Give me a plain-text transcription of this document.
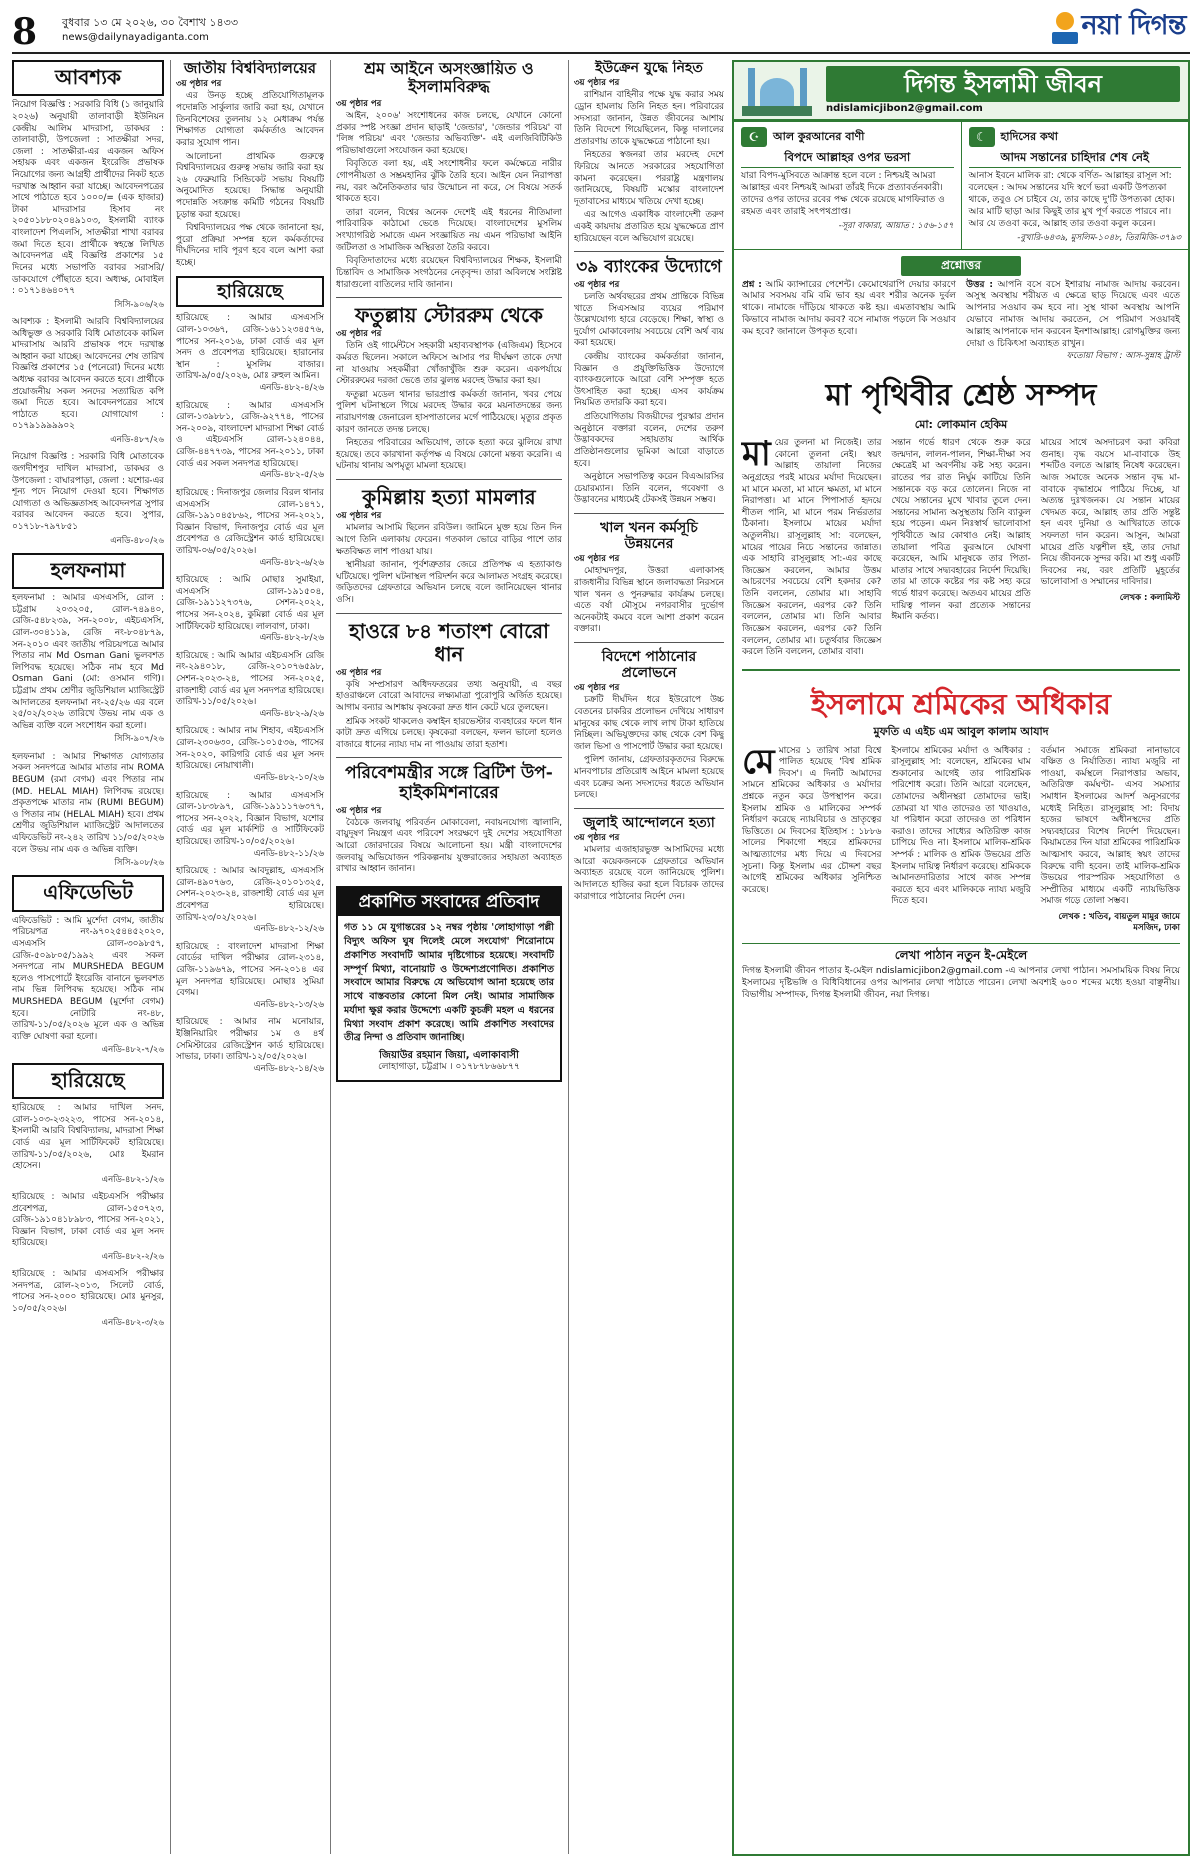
8	বুধবার ১৩ মে ২০২৬, ৩০ বৈশাখ ১৪৩৩
news@dailynayadiganta.com	নয়া দিগন্ত
আবশ্যক

নিয়োগ বিজ্ঞপ্তি : সরকারি বিধি (১ জানুয়ারি ২০২৬) অনুযায়ী তালাবাড়ী ইউনিয়ন কেন্দ্রীয় আলিম মাদরাসা, ডাকঘর : তালাবাড়ী, উপজেলা : সাতক্ষীরা সদর, জেলা : সাতক্ষীরা-এর একজন অফিস সহায়ক এবং একজন ইংরেজি প্রভাষক নিয়োগের জন্য আগ্রহী প্রার্থীদের নিকট হতে দরখাস্ত আহ্বান করা যাচ্ছে। আবেদনপত্রের সাথে পাঠাতে হবে ১০০০/= (এক হাজার) টাকা মাদরাসার হিসাব নং ২০৫০১৮৮০২০৪৯১০৩, ইসলামী ব্যাংক বাংলাদেশ পিএলসি, সাতক্ষীরা শাখা বরাবর জমা দিতে হবে। প্রার্থীকে স্বহস্তে লিখিত আবেদনপত্র এই বিজ্ঞপ্তি প্রকাশের ১৫ দিনের মধ্যে সভাপতি বরাবর সরাসরি/ডাকযোগে পৌঁছাতে হবে। অধ্যক্ষ, মোবাইল : ০১৭১৪৬৪০৭৭

সিসি-৯০৬/২৬

আবশ্যক : ইসলামী আরবি বিশ্ববিদ্যালয়ের অধিভুক্ত ও সরকারি বিধি মোতাবেক কামিল মাদরাসায় আরবি প্রভাষক পদে দরখাস্ত আহ্বান করা যাচ্ছে। আবেদনের শেষ তারিখ বিজ্ঞপ্তি প্রকাশের ১৫ (পনেরো) দিনের মধ্যে অধ্যক্ষ বরাবর আবেদন করতে হবে। প্রার্থীকে প্রয়োজনীয় সকল সনদের সত্যায়িত কপি জমা দিতে হবে। আবেদনপত্রের সাথে পাঠাতে হবে। যোগাযোগ : ০১৭৯১৯৯৯৯০২

এনডি-৪৮৭/২৬

নিয়োগ বিজ্ঞপ্তি : সরকারি বিধি মোতাবেক জগদীশপুর দাখিল মাদরাসা, ডাকঘর ও উপজেলা : বাঘারপাড়া, জেলা : যশোর-এর শূন্য পদে নিয়োগ দেওয়া হবে। শিক্ষাগত যোগ্যতা ও অভিজ্ঞতাসহ আবেদনপত্র সুপার বরাবর আবেদন করতে হবে। সুপার, ০১৭১৮-৭৯৭৮৫১

এনডি-৪৮০/২৬
হলফনামা

হলফনামা : আমার এসএসসি, রোল : চট্টগ্রাম ২০৩২০৫, রোল-৭৪৯৪০, রেজি-৫৪৮২৩৯, সন-২০০৮, এইচএসসি, রোল-৩০৪১১৯, রেজি নং-৮০৪৮৭৯, সন-২০১০ এবং জাতীয় পরিচয়পত্রে আমার পিতার নাম Md Osman Gani ভুলবশত লিপিবদ্ধ হয়েছে। সঠিক নাম হবে Md Osman Gani (মো: ওসমান গণি)। চট্টগ্রাম প্রথম শ্রেণীর জুডিশিয়াল ম্যাজিস্ট্রেট আদালতের হলফনামা নং-২৫/২৬ এর বলে ২৫/০২/২০২৬ তারিখে উভয় নাম এক ও অভিন্ন ব্যক্তি বলে সংশোধন করা হলো।

সিসি-৯০৭/২৬

হলফনামা : আমার শিক্ষাগত যোগ্যতার সকল সনদপত্রে আমার মাতার নাম ROMA BEGUM (রমা বেগম) এবং পিতার নাম (MD. HELAL MIAH) লিপিবদ্ধ রয়েছে। প্রকৃতপক্ষে মাতার নাম (RUMI BEGUM) ও পিতার নাম (HELAL MIAH) হবে। প্রথম শ্রেণীর জুডিশিয়াল ম্যাজিস্ট্রেট আদালতের এফিডেভিট নং-২৪২ তারিখ ১১/০৫/২০২৬ বলে উভয় নাম এক ও অভিন্ন ব্যক্তি।

সিসি-৯০৮/২৬
এফিডেভিট

এফিডেভিট : আমি মুর্শেদা বেগম, জাতীয় পরিচয়পত্র নং-৯৭০২৫৪৪৫২০২০, এসএসসি রোল-৩০৯৮৫৭, রেজি-৫০৯৮০৫/১৯৯২ এবং সকল সনদপত্রে নাম MURSHEDA BEGUM হলেও পাসপোর্টে ইংরেজি বানানে ভুলবশত নাম ভিন্ন লিপিবদ্ধ হয়েছে। সঠিক নাম MURSHEDA BEGUM (মুর্শেদা বেগম) হবে। নোটারি নং-৪৮, তারিখ-১১/০৫/২০২৬ মূলে এক ও অভিন্ন ব্যক্তি ঘোষণা করা হলো।

এনডি-৪৮২-৭/২৬
হারিয়েছে

হারিয়েছে : আমার দাখিল সনদ, রোল-১০৩-২৩২২৩, পাসের সন-২০১৪, ইসলামী আরবি বিশ্ববিদ্যালয়, মাদরাসা শিক্ষা বোর্ড এর মূল সার্টিফিকেট হারিয়েছে। তারিখ-১১/০৫/২০২৬, মোঃ ইমরান হোসেন।

এনডি-৪৮২-১/২৬

হারিয়েছে : আমার এইচএসসি পরীক্ষার প্রবেশপত্র, রোল-১৫০৭২৩, রেজি-১৯১০৪১৮৯৮৩, পাসের সন-২০২১, বিজ্ঞান বিভাগ, ঢাকা বোর্ড এর মূল সনদ হারিয়েছে।

এনডি-৪৮২-২/২৬

হারিয়েছে : আমার এসএসসি পরীক্ষার সনদপত্র, রোল-২০১৩, সিলেট বোর্ড, পাসের সন-২০০০ হারিয়েছে। মোঃ মুনসুর, ১০/০৫/২০২৬।

এনডি-৪৮২-৩/২৬
জাতীয় বিশ্ববিদ্যালয়ের
৩য় পৃষ্ঠার পর

এর উনড় হচ্ছে প্রতিযোগিতামূলক পদোন্নতি সার্কুলার জারি করা হয়, যেখানে তিনবিশেষের তুলনায় ১২ মেধাক্রম পর্যন্ত শিক্ষাগত যোগ্যতা কর্মকর্তাও আবেদন করার সুযোগ পান।

আলোচনা প্রাথমিক গুরুত্বে বিশ্ববিদ্যালয়ের গুরুত্ব সভায় জারি করা হয় ২৬ ফেব্রুয়ারি সিন্ডিকেট সভায় বিষয়টি অনুমোদিত হয়েছে। সিদ্ধান্ত অনুযায়ী পদোন্নতি সংক্রান্ত কমিটি গঠনের বিষয়টি চূড়ান্ত করা হয়েছে।

বিশ্ববিদ্যালয়ের পক্ষ থেকে জানানো হয়, পুরো প্রক্রিয়া সম্পন্ন হলে কর্মকর্তাদের দীর্ঘদিনের দাবি পূরণ হবে বলে আশা করা হচ্ছে।

হারিয়েছে
হারিয়েছে : আমার এসএসসি রোল-১০৩৬৭, রেজি-১৬১১২৩৪৫৭৬, পাসের সন-২০১৬, ঢাকা বোর্ড এর মূল সনদ ও প্রবেশপত্র হারিয়েছে। হারানোর স্থান : মুসলিম বাজার। তারিখ-৯/০৫/২০২৬, মোঃ রুহুল আমিন।
এনডি-৪৮২-৪/২৬
হারিয়েছে : আমার এসএসসি রোল-১৩৯৮৮১, রেজি-৯২৭৭৪, পাসের সন-২০০৯, বাংলাদেশ মাদরাসা শিক্ষা বোর্ড ও এইচএসসি রোল-১২৪০৪৪, রেজি-৪৪৭৭৩৯, পাসের সন-২০১১, ঢাকা বোর্ড এর সকল সনদপত্র হারিয়েছে।
এনডি-৪৮২-৫/২৬
হারিয়েছে : দিনাজপুর জেলার বিরল থানার এসএসসি রোল-১৪৭১, রেজি-১৯১০৪৫৮৬২, পাসের সন-২০২১, বিজ্ঞান বিভাগ, দিনাজপুর বোর্ড এর মূল প্রবেশপত্র ও রেজিস্ট্রেশন কার্ড হারিয়েছে। তারিখ-০৬/০৫/২০২৬।
এনডি-৪৮২-৬/২৬
হারিয়েছে : আমি মোছাঃ সুমাইয়া, এসএসসি রোল-১৯১৫০৪, রেজি-১৯১১২৭৩৭৬, সেশন-২০২২, পাসের সন-২০২৪, কুমিল্লা বোর্ড এর মূল সার্টিফিকেট হারিয়েছে। লালবাগ, ঢাকা।
এনডি-৪৮২-৮/২৬
হারিয়েছে : আমি আমার এইচএসসি রেজি নং-২৯৪০১৮, রেজি-২০১০৭৬৫৯৮, সেশন-২০২৩-২৪, পাসের সন-২০২৫, রাজশাহী বোর্ড এর মূল সনদপত্র হারিয়েছে। তারিখ-১১/০৫/২০২৬।
এনডি-৪৮২-৯/২৬
হারিয়েছে : আমার নাম শিহাব, এইচএসসি রোল-২৩০৬৩০, রেজি-১০১৫৩৬, পাসের সন-২০২০, কারিগরি বোর্ড এর মূল সনদ হারিয়েছে। নোয়াখালী।
এনডি-৪৮২-১০/২৬
হারিয়েছে : আমার এসএসসি রোল-১৮৩৮৯৭, রেজি-১৯১১১৭৬৩৭৭, পাসের সন-২০২২, বিজ্ঞান বিভাগ, যশোর বোর্ড এর মূল মার্কশিট ও সার্টিফিকেট হারিয়েছে। তারিখ-১০/০৫/২০২৬।
এনডি-৪৮২-১১/২৬
হারিয়েছে : আমার আবদুল্লাহ, এসএসসি রোল-৪৯০৭৬৩, রেজি-২০১০১৩২৫, সেশন-২০২৩-২৪, রাজশাহী বোর্ড এর মূল প্রবেশপত্র হারিয়েছে। তারিখ-২৩/০২/২০২৬।
এনডি-৪৮২-১২/২৬
হারিয়েছে : বাংলাদেশ মাদরাসা শিক্ষা বোর্ডের দাখিল পরীক্ষার রোল-২৩১৪, রেজি-১১৯৬৭৯, পাসের সন-২০১৪ এর মূল সনদপত্র হারিয়েছে। মোছাঃ সুমিয়া বেগম।
এনডি-৪৮২-১৩/২৬
হারিয়েছে : আমার নাম মনোয়ার, ইঞ্জিনিয়ারিং পরীক্ষার ১ম ও ৪র্থ সেমিস্টারের রেজিস্ট্রেশন কার্ড হারিয়েছে। সাভার, ঢাকা। তারিখ-১২/০৫/২০২৬।
এনডি-৪৮২-১৪/২৬
শ্রম আইনে অসংজ্ঞায়িত ও ইসলামবিরুদ্ধ
৩য় পৃষ্ঠার পর

আইন, ২০০৬' সংশোধনের কাজ চলছে, যেখানে কোনো প্রকার স্পষ্ট সংজ্ঞা প্রদান ছাড়াই 'জেন্ডার', 'জেন্ডার পরিচয়' বা 'লিঙ্গ পরিচয়' এবং 'জেন্ডার অভিব্যক্তি'- এই এলজিবিটিকিউ পরিভাষাগুলো সংযোজন করা হয়েছে।

বিবৃতিতে বলা হয়, এই সংশোধনীর ফলে কর্মক্ষেত্রে নারীর গোপনীয়তা ও সম্ভ্রমহানির ঝুঁকি তৈরি হবে। আইন যেন নিরাপত্তা নয়, বরং অনৈতিকতার দ্বার উন্মোচন না করে, সে বিষয়ে সতর্ক থাকতে হবে।

তারা বলেন, বিশ্বের অনেক দেশেই এই ধরনের নীতিমালা পারিবারিক কাঠামো ভেঙে দিয়েছে। বাংলাদেশের মুসলিম সংখ্যাগরিষ্ঠ সমাজে এমন সংজ্ঞায়িত নয় এমন পরিভাষা আইনি জটিলতা ও সামাজিক অস্থিরতা তৈরি করবে।

বিবৃতিদাতাদের মধ্যে রয়েছেন বিশ্ববিদ্যালয়ের শিক্ষক, ইসলামী চিন্তাবিদ ও সামাজিক সংগঠনের নেতৃবৃন্দ। তারা অবিলম্বে সংশ্লিষ্ট ধারাগুলো বাতিলের দাবি জানান।

ফতুল্লায় স্টোররুম থেকে
৩য় পৃষ্ঠার পর

তিনি ওই গার্মেন্টসে সহকারী মহাব্যবস্থাপক (এজিএম) হিসেবে কর্মরত ছিলেন। সকালে অফিসে আসার পর দীর্ঘক্ষণ তাকে দেখা না যাওয়ায় সহকর্মীরা খোঁজাখুঁজি শুরু করেন। একপর্যায়ে স্টোররুমের দরজা ভেঙে তার ঝুলন্ত মরদেহ উদ্ধার করা হয়।

ফতুল্লা মডেল থানার ভারপ্রাপ্ত কর্মকর্তা জানান, খবর পেয়ে পুলিশ ঘটনাস্থলে গিয়ে মরদেহ উদ্ধার করে ময়নাতদন্তের জন্য নারায়ণগঞ্জ জেনারেল হাসপাতালের মর্গে পাঠিয়েছে। মৃত্যুর প্রকৃত কারণ জানতে তদন্ত চলছে।

নিহতের পরিবারের অভিযোগ, তাকে হত্যা করে ঝুলিয়ে রাখা হয়েছে। তবে কারখানা কর্তৃপক্ষ এ বিষয়ে কোনো মন্তব্য করেনি। এ ঘটনায় থানায় অপমৃত্যু মামলা হয়েছে।

কুমিল্লায় হত্যা মামলার
৩য় পৃষ্ঠার পর

মামলার আসামি ছিলেন রবিউল। জামিনে মুক্ত হয়ে তিন দিন আগে তিনি এলাকায় ফেরেন। গতকাল ভোরে বাড়ির পাশে তার ক্ষতবিক্ষত লাশ পাওয়া যায়।

স্থানীয়রা জানান, পূর্বশত্রুতার জেরে প্রতিপক্ষ এ হত্যাকাণ্ড ঘটিয়েছে। পুলিশ ঘটনাস্থল পরিদর্শন করে আলামত সংগ্রহ করেছে। জড়িতদের গ্রেফতারে অভিযান চলছে বলে জানিয়েছেন থানার ওসি।

হাওরে ৮৪ শতাংশ বোরো ধান
৩য় পৃষ্ঠার পর

কৃষি সম্প্রসারণ অধিদফতরের তথ্য অনুযায়ী, এ বছর হাওরাঞ্চলে বোরো আবাদের লক্ষ্যমাত্রা পুরোপুরি অর্জিত হয়েছে। আগাম বন্যার আশঙ্কায় কৃষকেরা দ্রুত ধান কেটে ঘরে তুলছেন।

শ্রমিক সংকট থাকলেও কম্বাইন হারভেস্টার ব্যবহারের ফলে ধান কাটা দ্রুত এগিয়ে চলছে। কৃষকেরা বলছেন, ফলন ভালো হলেও বাজারে ধানের ন্যায্য দাম না পাওয়ায় তারা হতাশ।

পরিবেশমন্ত্রীর সঙ্গে ব্রিটিশ উপ-হাইকমিশনারের
৩য় পৃষ্ঠার পর

বৈঠকে জলবায়ু পরিবর্তন মোকাবেলা, নবায়নযোগ্য জ্বালানি, বায়ুদূষণ নিয়ন্ত্রণ এবং পরিবেশ সংরক্ষণে দুই দেশের সহযোগিতা আরো জোরদারের বিষয়ে আলোচনা হয়। মন্ত্রী বাংলাদেশের জলবায়ু অভিযোজন পরিকল্পনায় যুক্তরাজ্যের সহায়তা অব্যাহত রাখার আহ্বান জানান।

প্রকাশিত সংবাদের প্রতিবাদ
গত ১১ মে যুগান্তরের ১২ নম্বর পৃষ্ঠায় 'লোহাগাড়া পল্লী বিদ্যুৎ অফিস ঘুষ দিলেই মেলে সংযোগ' শিরোনামে প্রকাশিত সংবাদটি আমার দৃষ্টিগোচর হয়েছে। সংবাদটি সম্পূর্ণ মিথ্যা, বানোয়াট ও উদ্দেশ্যপ্রণোদিত। প্রকাশিত সংবাদে আমার বিরুদ্ধে যে অভিযোগ আনা হয়েছে তার সাথে বাস্তবতার কোনো মিল নেই। আমার সামাজিক মর্যাদা ক্ষুণ্ণ করার উদ্দেশ্যে একটি কুচক্রী মহল এ ধরনের মিথ্যা সংবাদ প্রকাশ করেছে। আমি প্রকাশিত সংবাদের তীব্র নিন্দা ও প্রতিবাদ জানাচ্ছি।
জিয়াউর রহমান জিয়া, এলাকাবাসী
লোহাগাড়া, চট্টগ্রাম । ০১৭৮৭৮৬৬৮৭৭
ইউক্রেন যুদ্ধে নিহত
৩য় পৃষ্ঠার পর

রাশিয়ান বাহিনীর পক্ষে যুদ্ধ করার সময় ড্রোন হামলায় তিনি নিহত হন। পরিবারের সদস্যরা জানান, উন্নত জীবনের আশায় তিনি বিদেশে গিয়েছিলেন, কিন্তু দালালের প্রতারণায় তাকে যুদ্ধক্ষেত্রে পাঠানো হয়।

নিহতের স্বজনরা তার মরদেহ দেশে ফিরিয়ে আনতে সরকারের সহযোগিতা কামনা করেছেন। পররাষ্ট্র মন্ত্রণালয় জানিয়েছে, বিষয়টি মস্কোর বাংলাদেশ দূতাবাসের মাধ্যমে খতিয়ে দেখা হচ্ছে।

এর আগেও একাধিক বাংলাদেশী তরুণ একই কায়দায় প্রতারিত হয়ে যুদ্ধক্ষেত্রে প্রাণ হারিয়েছেন বলে অভিযোগ রয়েছে।

৩৯ ব্যাংকের উদ্যোগে
৩য় পৃষ্ঠার পর

চলতি অর্থবছরের প্রথম প্রান্তিকে বিভিন্ন খাতে সিএসআর ব্যয়ের পরিমাণ উল্লেখযোগ্য হারে বেড়েছে। শিক্ষা, স্বাস্থ্য ও দুর্যোগ মোকাবেলায় সবচেয়ে বেশি অর্থ ব্যয় করা হয়েছে।

কেন্দ্রীয় ব্যাংকের কর্মকর্তারা জানান, বিজ্ঞান ও প্রযুক্তিভিত্তিক উদ্যোগে ব্যাংকগুলোকে আরো বেশি সম্পৃক্ত হতে উৎসাহিত করা হচ্ছে। এসব কার্যক্রম নিয়মিত তদারকি করা হবে।

প্রতিযোগিতায় বিজয়ীদের পুরস্কার প্রদান অনুষ্ঠানে বক্তারা বলেন, দেশের তরুণ উদ্ভাবকদের সহায়তায় আর্থিক প্রতিষ্ঠানগুলোর ভূমিকা আরো বাড়াতে হবে।

অনুষ্ঠানে সভাপতিত্ব করেন বিএআরসির চেয়ারম্যান। তিনি বলেন, গবেষণা ও উদ্ভাবনের মাধ্যমেই টেকসই উন্নয়ন সম্ভব।

খাল খনন কর্মসূচি উন্নয়নের
৩য় পৃষ্ঠার পর

মোহাম্মদপুর, উত্তরা এলাকাসহ রাজধানীর বিভিন্ন স্থানে জলাবদ্ধতা নিরসনে খাল খনন ও পুনরুদ্ধার কার্যক্রম চলছে। এতে বর্ষা মৌসুমে নগরবাসীর দুর্ভোগ অনেকটাই কমবে বলে আশা প্রকাশ করেন বক্তারা।

বিদেশে পাঠানোর প্রলোভনে
৩য় পৃষ্ঠার পর

চক্রটি দীর্ঘদিন ধরে ইউরোপে উচ্চ বেতনের চাকরির প্রলোভন দেখিয়ে সাধারণ মানুষের কাছ থেকে লাখ লাখ টাকা হাতিয়ে নিচ্ছিল। অভিযুক্তদের কাছ থেকে বেশ কিছু জাল ভিসা ও পাসপোর্ট উদ্ধার করা হয়েছে।

পুলিশ জানায়, গ্রেফতারকৃতদের বিরুদ্ধে মানবপাচার প্রতিরোধ আইনে মামলা হয়েছে এবং চক্রের অন্য সদস্যদের ধরতে অভিযান চলছে।

জুলাই আন্দোলনে হত্যা
৩য় পৃষ্ঠার পর

মামলার এজাহারভুক্ত আসামিদের মধ্যে আরো কয়েকজনকে গ্রেফতারে অভিযান অব্যাহত রয়েছে বলে জানিয়েছে পুলিশ। আদালতে হাজির করা হলে বিচারক তাদের কারাগারে পাঠানোর নির্দেশ দেন।

দিগন্ত ইসলামী জীবন
ndislamicjibon2@gmail.com
☪	আল কুরআনের বাণী
বিপদে আল্লাহর ওপর ভরসা
যারা বিপদ-মুসিবতে আক্রান্ত হলে বলে : নিশ্চয়ই আমরা আল্লাহর এবং নিশ্চয়ই আমরা তাঁরই দিকে প্রত্যাবর্তনকারী। তাদের ওপর তাদের রবের পক্ষ থেকে রয়েছে মাগফিরাত ও রহমত এবং তারাই সৎপথপ্রাপ্ত।
-সূরা বাকারা, আয়াত : ১৫৬-১৫৭
☾	হাদিসের কথা
আদম সন্তানের চাহিদার শেষ নেই
আনাস ইবনে মালিক রা: থেকে বর্ণিত- আল্লাহর রাসূল সা: বলেছেন : আদম সন্তানের যদি স্বর্ণে ভরা একটি উপত্যকা থাকে, তবুও সে চাইবে যে, তার কাছে দু'টি উপত্যকা হোক। আর মাটি ছাড়া আর কিছুই তার মুখ পূর্ণ করতে পারবে না। আর যে তওবা করে, আল্লাহ তার তওবা কবুল করেন।
-বুখারি-৬৪৩৯, মুসলিম-১০৪৮, তিরমিজি-৩৭৯৩
প্রশ্নোত্তর
প্রশ্ন : আমি ক্যান্সারের পেশেন্ট। কেমোথেরাপি দেয়ার কারণে আমার সবসময় বমি বমি ভাব হয় এবং শরীর অনেক দুর্বল থাকে। নামাজে দাঁড়িয়ে থাকতে কষ্ট হয়। এমতাবস্থায় আমি কিভাবে নামাজ আদায় করব? বসে নামাজ পড়লে কি সওয়াব কম হবে? জানালে উপকৃত হবো।
উত্তর : আপনি বসে বসে ইশারায় নামাজ আদায় করবেন। অসুস্থ অবস্থায় শরীয়ত এ ক্ষেত্রে ছাড় দিয়েছে এবং এতে আপনার সওয়াব কম হবে না। সুস্থ থাকা অবস্থায় আপনি যেভাবে নামাজ আদায় করতেন, সে পরিমাণ সওয়াবই আল্লাহ আপনাকে দান করবেন ইনশাআল্লাহ। রোগমুক্তির জন্য দোয়া ও চিকিৎসা অব্যাহত রাখুন।
ফতোয়া বিভাগ : আস-সুন্নাহ ট্রাস্ট
মা পৃথিবীর শ্রেষ্ঠ সম্পদ
মো: লোকমান হেকিম
মায়ের তুলনা মা নিজেই। তার কোনো তুলনা নেই। স্বয়ং আল্লাহ তায়ালা নিজের অনুগ্রহের পরই মায়ের মর্যাদা দিয়েছেন। মা মানে মমতা, মা মানে ক্ষমতা, মা মানে নিরাপত্তা। মা মানে পিপাসার্ত হৃদয়ে শীতল পানি, মা মানে পরম নির্ভরতার ঠিকানা। ইসলামে মায়ের মর্যাদা অতুলনীয়। রাসূলুল্লাহ সা: বলেছেন, মায়ের পায়ের নিচে সন্তানের জান্নাত। এক সাহাবি রাসূলুল্লাহ সা:-এর কাছে জিজ্ঞেস করলেন, আমার উত্তম আচরণের সবচেয়ে বেশি হকদার কে? তিনি বললেন, তোমার মা। সাহাবি জিজ্ঞেস করলেন, এরপর কে? তিনি বললেন, তোমার মা। তিনি আবার জিজ্ঞেস করলেন, এরপর কে? তিনি বললেন, তোমার মা। চতুর্থবার জিজ্ঞেস করলে তিনি বললেন, তোমার বাবা।
সন্তান গর্ভে ধারণ থেকে শুরু করে জন্মদান, লালন-পালন, শিক্ষা-দীক্ষা সব ক্ষেত্রেই মা অবর্ণনীয় কষ্ট সহ্য করেন। রাতের পর রাত নির্ঘুম কাটিয়ে তিনি সন্তানকে বড় করে তোলেন। নিজে না খেয়ে সন্তানের মুখে খাবার তুলে দেন। সন্তানের সামান্য অসুস্থতায় তিনি ব্যাকুল হয়ে পড়েন। এমন নিঃস্বার্থ ভালোবাসা পৃথিবীতে আর কোথাও নেই। আল্লাহ তায়ালা পবিত্র কুরআনে ঘোষণা করেছেন, আমি মানুষকে তার পিতা-মাতার সাথে সদ্ব্যবহারের নির্দেশ দিয়েছি। তার মা তাকে কষ্টের পর কষ্ট সহ্য করে গর্ভে ধারণ করেছে। অতএব মায়ের প্রতি দায়িত্ব পালন করা প্রত্যেক সন্তানের ঈমানি কর্তব্য।
মায়ের সাথে অসদাচরণ করা কবিরা গুনাহ। বৃদ্ধ বয়সে মা-বাবাকে উহ শব্দটিও বলতে আল্লাহ নিষেধ করেছেন। আজ সমাজে অনেক সন্তান বৃদ্ধ মা-বাবাকে বৃদ্ধাশ্রমে পাঠিয়ে দিচ্ছে, যা অত্যন্ত দুঃখজনক। যে সন্তান মায়ের খেদমত করে, আল্লাহ তার প্রতি সন্তুষ্ট হন এবং দুনিয়া ও আখিরাতে তাকে সফলতা দান করেন। আসুন, আমরা মায়ের প্রতি যত্নশীল হই, তার দোয়া নিয়ে জীবনকে সুন্দর করি। মা শুধু একটি দিবসের নয়, বরং প্রতিটি মুহূর্তের ভালোবাসা ও সম্মানের দাবিদার।
লেখক : কলামিস্ট
ইসলামে শ্রমিকের অধিকার
মুফতি এ এইচ এম আবুল কালাম আযাদ
মেমাসের ১ তারিখ সারা বিশ্বে পালিত হয়েছে 'বিশ্ব শ্রমিক দিবস'। এ দিনটি আমাদের সামনে শ্রমিকের অধিকার ও মর্যাদার প্রশ্নকে নতুন করে উপস্থাপন করে। ইসলাম শ্রমিক ও মালিকের সম্পর্ক নির্ধারণ করেছে ন্যায়বিচার ও ভ্রাতৃত্বের ভিত্তিতে। মে দিবসের ইতিহাস : ১৮৮৬ সালের শিকাগো শহরে শ্রমিকদের আত্মত্যাগের মধ্য দিয়ে এ দিবসের সূচনা। কিন্তু ইসলাম এর চৌদ্দশ বছর আগেই শ্রমিকের অধিকার সুনিশ্চিত করেছে।
ইসলামে শ্রমিকের মর্যাদা ও অধিকার : রাসূলুল্লাহ সা: বলেছেন, শ্রমিকের ঘাম শুকানোর আগেই তার পারিশ্রমিক পরিশোধ করো। তিনি আরো বলেছেন, তোমাদের অধীনস্থরা তোমাদের ভাই। তোমরা যা খাও তাদেরও তা খাওয়াও, যা পরিধান করো তাদেরও তা পরিধান করাও। তাদের সাধ্যের অতিরিক্ত কাজ চাপিয়ে দিও না। ইসলামে মালিক-শ্রমিক সম্পর্ক : মালিক ও শ্রমিক উভয়ের প্রতি ইসলাম দায়িত্ব নির্ধারণ করেছে। শ্রমিককে আমানতদারিতার সাথে কাজ সম্পন্ন করতে হবে এবং মালিককে ন্যায্য মজুরি দিতে হবে।
বর্তমান সমাজে শ্রমিকরা নানাভাবে বঞ্চিত ও নির্যাতিত। ন্যায্য মজুরি না পাওয়া, কর্মস্থলে নিরাপত্তার অভাব, অতিরিক্ত কর্মঘণ্টা- এসব সমস্যার সমাধান ইসলামের আদর্শ অনুসরণের মধ্যেই নিহিত। রাসূলুল্লাহ সা: বিদায় হজের ভাষণে অধীনস্থদের প্রতি সদ্ব্যবহারের বিশেষ নির্দেশ দিয়েছেন। কিয়ামতের দিন যারা শ্রমিকের পারিশ্রমিক আত্মসাৎ করবে, আল্লাহ স্বয়ং তাদের বিরুদ্ধে বাদী হবেন। তাই মালিক-শ্রমিক উভয়ের পারস্পরিক সহযোগিতা ও সম্প্রীতির মাধ্যমে একটি ন্যায়ভিত্তিক সমাজ গড়ে তোলা সম্ভব।
লেখক : খতিব, বায়তুল মামুর জামে মসজিদ, ঢাকা
লেখা পাঠান নতুন ই-মেইলে
দিগন্ত ইসলামী জীবন পাতার ই-মেইল ndislamicjibon2@gmail.com -এ আপনার লেখা পাঠান। সমসাময়িক বিষয় নিয়ে ইসলামের দৃষ্টিভঙ্গি ও বিধিবিধানের ওপর আপনার লেখা পাঠাতে পারেন। লেখা অবশ্যই ৬০০ শব্দের মধ্যে হওয়া বাঞ্ছনীয়। বিভাগীয় সম্পাদক, দিগন্ত ইসলামী জীবন, নয়া দিগন্ত।
